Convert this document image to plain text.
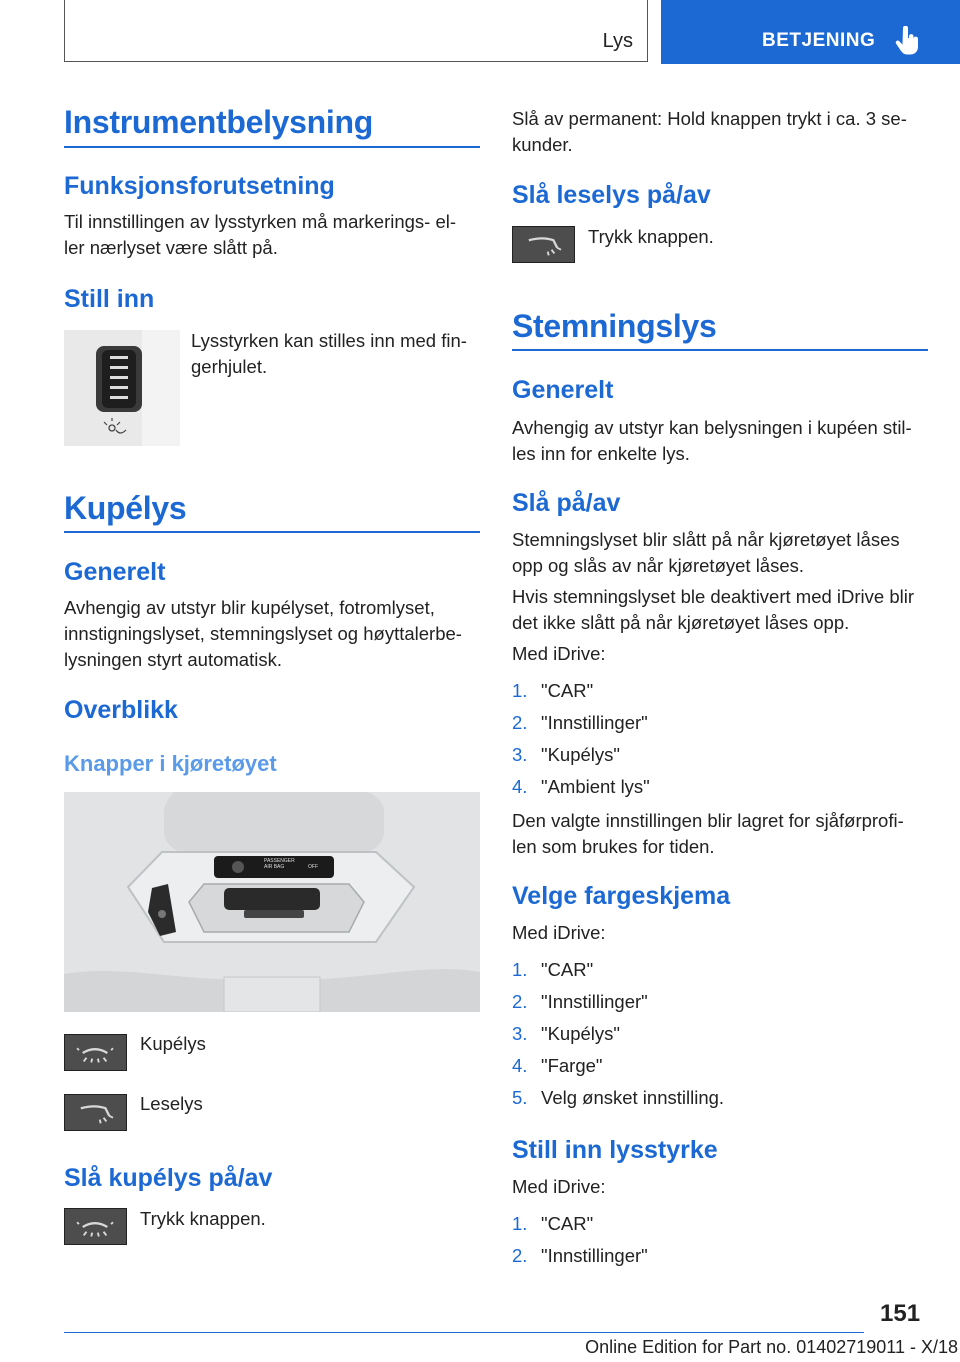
Lys	BETJENING
Instrumentbelysning
Funksjonsforutsetning
Til innstillingen av lysstyrken må markerings- el-
ler nærlyset være slått på.
Still inn
Lysstyrken kan stilles inn med fin-
gerhjulet.
Kupélys
Generelt
Avhengig av utstyr blir kupélyset, fotromlyset,
innstigningslyset, stemningslyset og høyttalerbe-
lysningen styrt automatisk.
Overblikk
Knapper i kjøretøyet
PASSENGER
AIR BAG	OFF
Kupélys
Leselys
Slå kupélys på/av
Trykk knappen.
Slå av permanent: Hold knappen trykt i ca. 3 se-
kunder.
Slå leselys på/av
Trykk knappen.
Stemningslys
Generelt
Avhengig av utstyr kan belysningen i kupéen stil-
les inn for enkelte lys.
Slå på/av
Stemningslyset blir slått på når kjøretøyet låses
opp og slås av når kjøretøyet låses.
Hvis stemningslyset ble deaktivert med iDrive blir
det ikke slått på når kjøretøyet låses opp.
Med iDrive:
1. "CAR"
2. "Innstillinger"
3. "Kupélys"
4. "Ambient lys"
Den valgte innstillingen blir lagret for sjåførprofi-
len som brukes for tiden.
Velge fargeskjema
Med iDrive:
1. "CAR"
2. "Innstillinger"
3. "Kupélys"
4. "Farge"
5. Velg ønsket innstilling.
Still inn lysstyrke
Med iDrive:
1. "CAR"
2. "Innstillinger"
151
Online Edition for Part no. 01402719011 - X/18
